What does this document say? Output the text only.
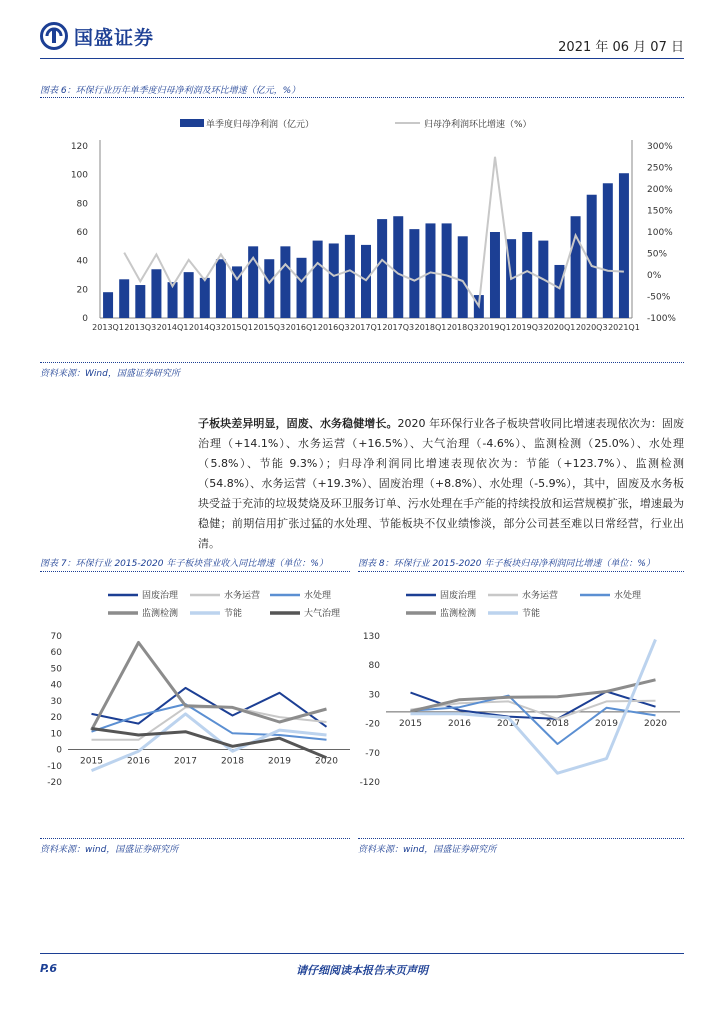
国盛证券	2021 年 06 月 07 日
图表 6：环保行业历年单季度归母净利润及环比增速（亿元，%）
单季度归母净利润（亿元）	归母净利润环比增速（%）
0
20
40
60
80
100
120
-100%
-50%
0%
50%
100%
150%
200%
250%
300%
2013Q1 2013Q3 2014Q1 2014Q3 2015Q1 2015Q3 2016Q1 2016Q3 2017Q1 2017Q3 2018Q1 2018Q3 2019Q1 2019Q3 2020Q1 2020Q3 2021Q1
资料来源：Wind，国盛证券研究所
子板块差异明显，固废、水务稳健增长。2020 年环保行业各子板块营收同比增速表现依次为：固废治理（+14.1%）、水务运营（+16.5%）、大气治理（-4.6%）、监测检测（25.0%）、水处理（5.8%）、节能 9.3%）；归母净利润同比增速表现依次为：节能（+123.7%）、监测检测（54.8%）、水务运营（+19.3%）、固废治理（+8.8%）、水处理（-5.9%），其中，固废及水务板块受益于充沛的垃圾焚烧及环卫服务订单、污水处理在手产能的持续投放和运营规模扩张，增速最为稳健；前期信用扩张过猛的水处理、节能板块不仅业绩惨淡，部分公司甚至难以日常经营，行业出清。
图表 7：环保行业 2015-2020 年子板块营业收入同比增速（单位：%）
固废治理	水务运营	水处理
监测检测	节能	大气治理
-20
-10
0
10
20
30
40
50
60
70
2015	2016	2017	2018	2019	2020
资料来源：wind，国盛证券研究所
图表 8：环保行业 2015-2020 年子板块归母净利润同比增速（单位：%）
固废治理	水务运营	水处理
监测检测	节能
-120
-70
-20
30
80
130
2015	2016	2017	2018	2019	2020
资料来源：wind，国盛证券研究所
P.6	请仔细阅读本报告末页声明
